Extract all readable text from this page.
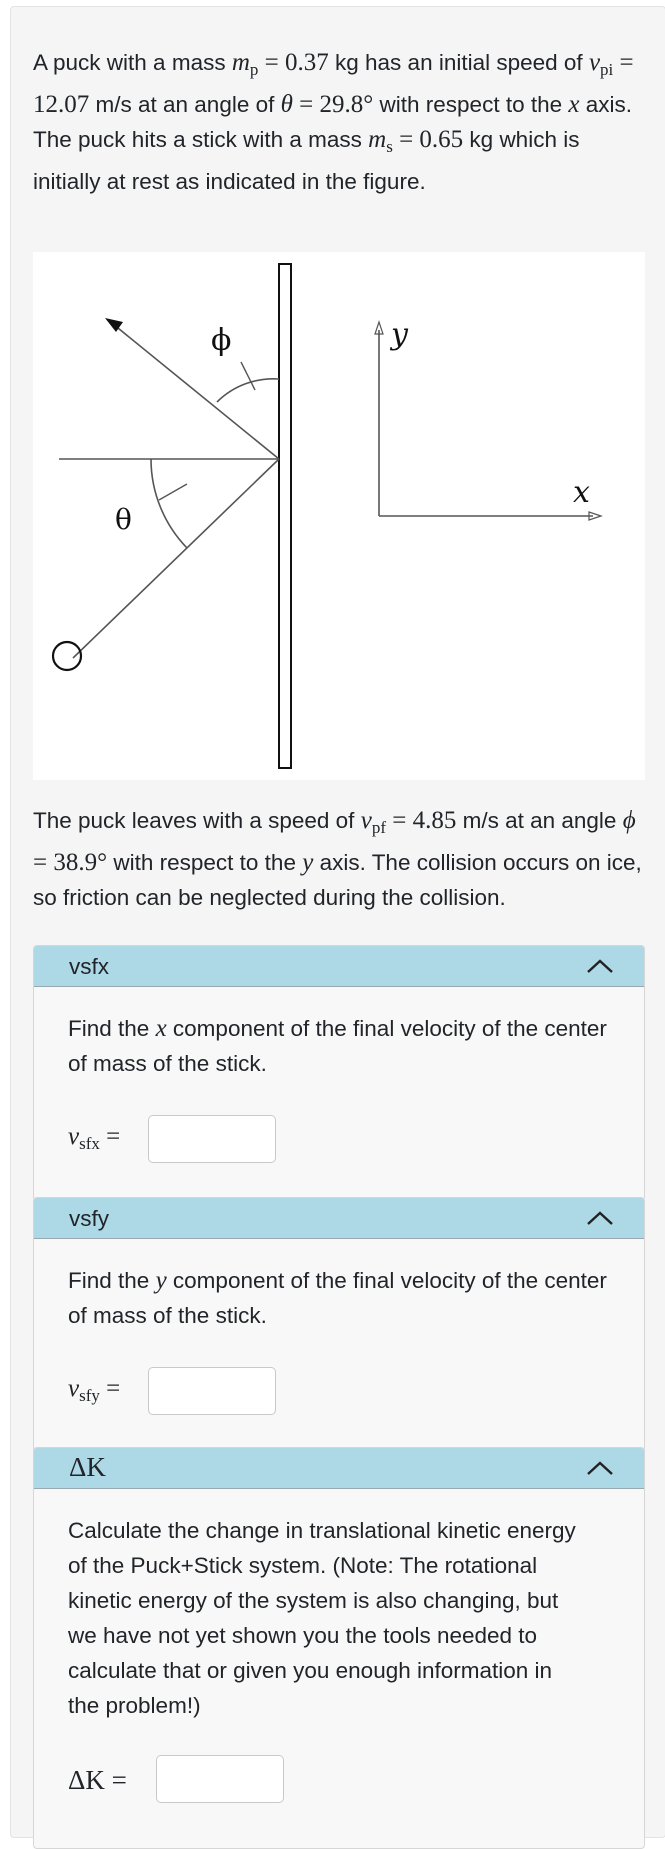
A puck with a mass $m_p = 0.37$ kg has an initial speed of $v_{pi} = 12.07$ m/s at an angle of θ = 29.8° with respect to the x axis. The puck hits a stick with a mass $m_s = 0.65$ kg which is initially at rest as indicated in the figure.
θ
ϕ	y
x
The puck leaves with a speed of $v_{pf} = 4.85$ m/s at an angle ϕ = 38.9° with respect to the y axis. The collision occurs on ice, so friction can be neglected during the collision.
vsfx
Find the x component of the final velocity of the center of mass of the stick.
$v_{sfx}$ =
vsfy
Find the y component of the final velocity of the center of mass of the stick.
$v_{sfy}$ =
ΔK
Calculate the change in translational kinetic energy of the Puck+Stick system. (Note: The rotational kinetic energy of the system is also changing, but we have not yet shown you the tools needed to calculate that or given you enough information in the problem!)
ΔK =
